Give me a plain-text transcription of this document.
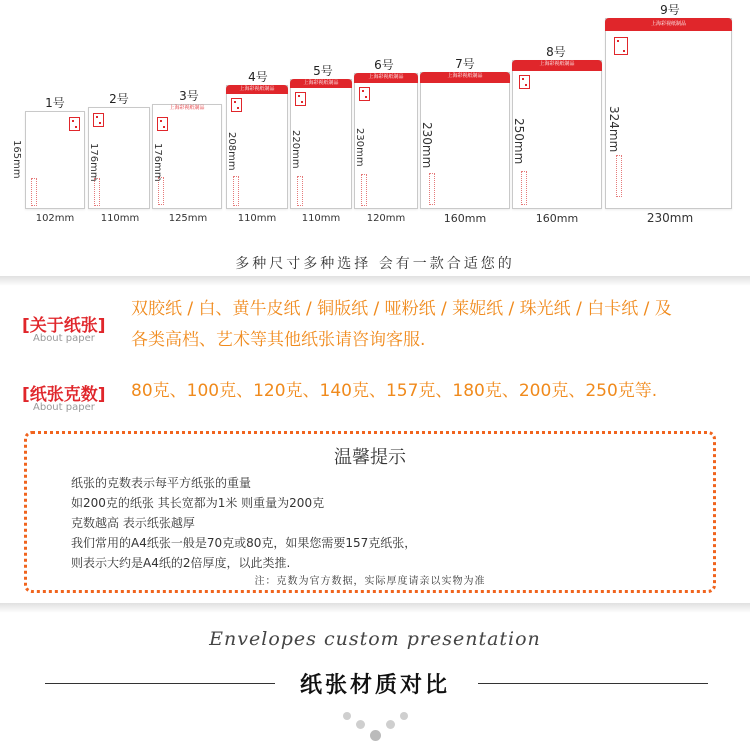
1号
165mm
102mm
2号
176mm
110mm
3号
上海彩视纸制品
176mm
125mm
4号
上海彩视纸制品
208mm
110mm
5号
上海彩视纸制品
220mm
110mm
6号
上海彩视纸制品
230mm
120mm
7号
上海彩视纸制品
230mm
160mm
8号
上海彩视纸制品
250mm
160mm
9号
上海彩视纸制品
324mm
230mm
多种尺寸多种选择 会有一款合适您的
[关于纸张]
About paper
双胶纸 / 白、黄牛皮纸 / 铜版纸 / 哑粉纸 / 莱妮纸 / 珠光纸 / 白卡纸 / 及
各类高档、艺术等其他纸张请咨询客服.
[纸张克数]
About paper
80克、100克、120克、140克、157克、180克、200克、250克等.
温馨提示
纸张的克数表示每平方纸张的重量
如200克的纸张 其长宽都为1米 则重量为200克
克数越高 表示纸张越厚
我们常用的A4纸张一般是70克或80克，如果您需要157克纸张，
则表示大约是A4纸的2倍厚度，以此类推.
注：克数为官方数据，实际厚度请亲以实物为准
Envelopes custom presentation
纸张材质对比
